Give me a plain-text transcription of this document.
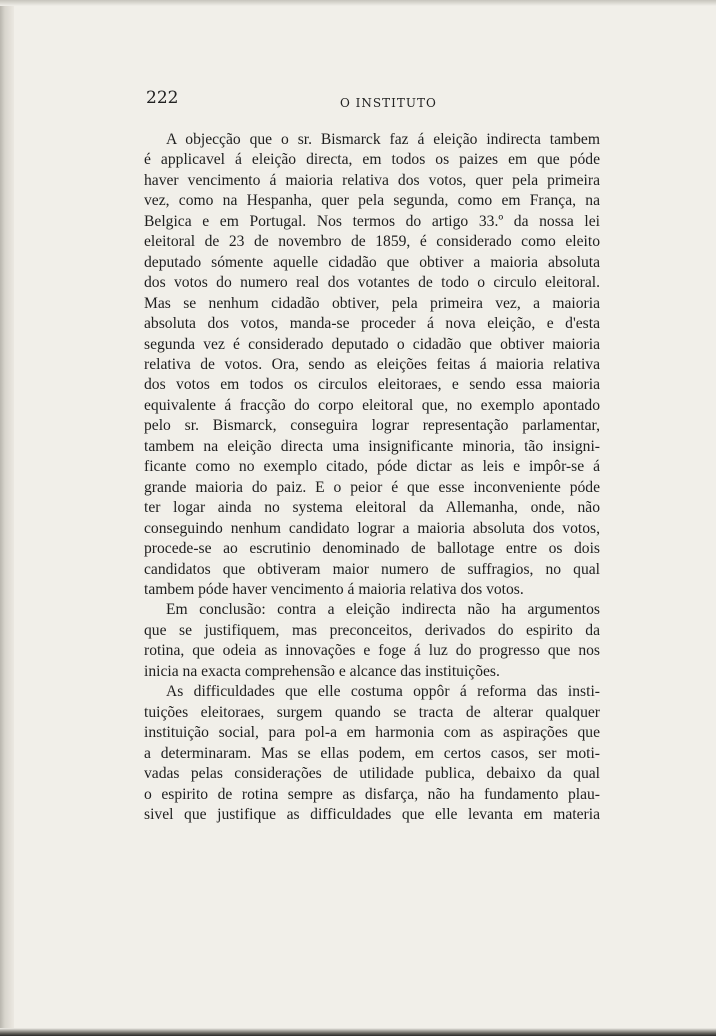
222	O INSTITUTO
A objecção que o sr. Bismarck faz á eleição indirecta tambem
é applicavel á eleição directa, em todos os paizes em que póde
haver vencimento á maioria relativa dos votos, quer pela primeira
vez, como na Hespanha, quer pela segunda, como em França, na
Belgica e em Portugal. Nos termos do artigo 33.º da nossa lei
eleitoral de 23 de novembro de 1859, é considerado como eleito
deputado sómente aquelle cidadão que obtiver a maioria absoluta
dos votos do numero real dos votantes de todo o circulo eleitoral.
Mas se nenhum cidadão obtiver, pela primeira vez, a maioria
absoluta dos votos, manda-se proceder á nova eleição, e d'esta
segunda vez é considerado deputado o cidadão que obtiver maioria
relativa de votos. Ora, sendo as eleições feitas á maioria relativa
dos votos em todos os circulos eleitoraes, e sendo essa maioria
equivalente á fracção do corpo eleitoral que, no exemplo apontado
pelo sr. Bismarck, conseguira lograr representação parlamentar,
tambem na eleição directa uma insignificante minoria, tão insigni-
ficante como no exemplo citado, póde dictar as leis e impôr-se á
grande maioria do paiz. E o peior é que esse inconveniente póde
ter logar ainda no systema eleitoral da Allemanha, onde, não
conseguindo nenhum candidato lograr a maioria absoluta dos votos,
procede-se ao escrutinio denominado de ballotage entre os dois
candidatos que obtiveram maior numero de suffragios, no qual
tambem póde haver vencimento á maioria relativa dos votos.
Em conclusão: contra a eleição indirecta não ha argumentos
que se justifiquem, mas preconceitos, derivados do espirito da
rotina, que odeia as innovações e foge á luz do progresso que nos
inicia na exacta comprehensão e alcance das instituições.
As difficuldades que elle costuma oppôr á reforma das insti-
tuições eleitoraes, surgem quando se tracta de alterar qualquer
instituição social, para pol-a em harmonia com as aspirações que
a determinaram. Mas se ellas podem, em certos casos, ser moti-
vadas pelas considerações de utilidade publica, debaixo da qual
o espirito de rotina sempre as disfarça, não ha fundamento plau-
sivel que justifique as difficuldades que elle levanta em materia
